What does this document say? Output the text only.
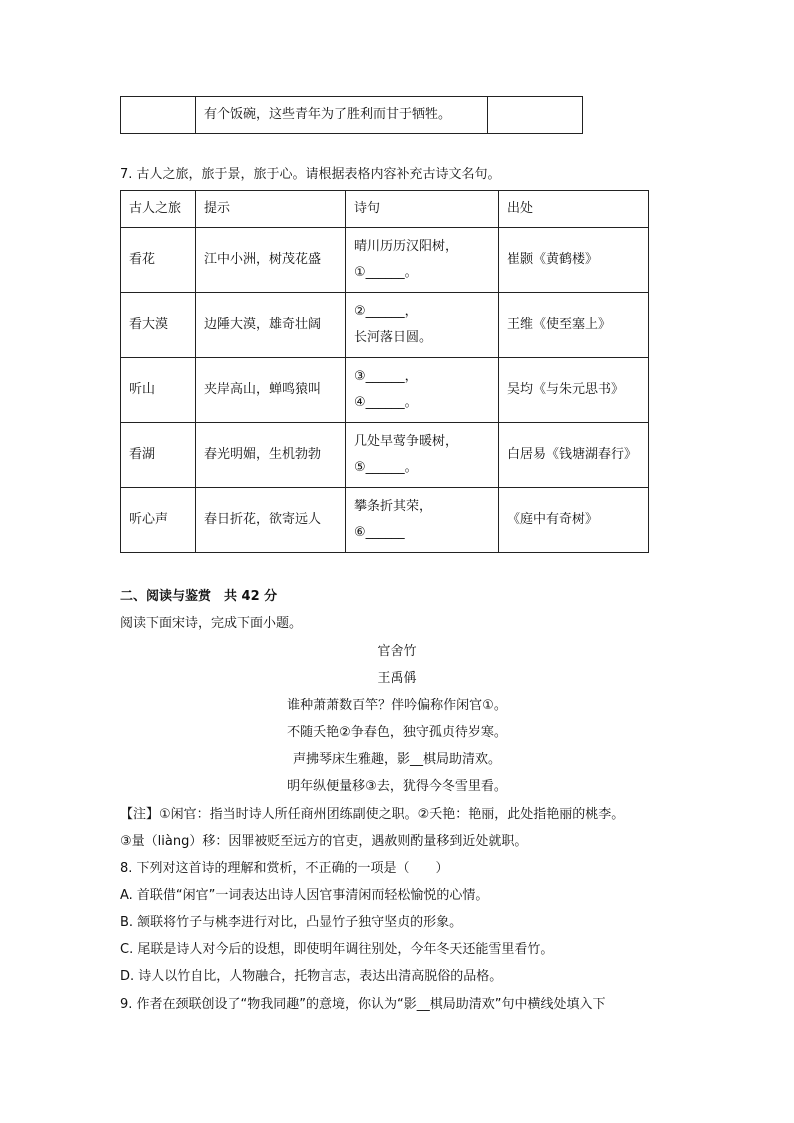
	有个饭碗，这些青年为了胜利而甘于牺牲。	
7. 古人之旅，旅于景，旅于心。请根据表格内容补充古诗文名句。
古人之旅	提示	诗句	出处
看花	江中小洲，树茂花盛	晴川历历汉阳树，
①______。	崔颢《黄鹤楼》
看大漠	边陲大漠，雄奇壮阔	②______，
长河落日圆。	王维《使至塞上》
听山	夹岸高山，蝉鸣猿叫	③______，
④______。	吴均《与朱元思书》
看湖	春光明媚，生机勃勃	几处早莺争暖树，
⑤______。	白居易《钱塘湖春行》
听心声	春日折花，欲寄远人	攀条折其荣，
⑥______	《庭中有奇树》
二、阅读与鉴赏　共 42 分
阅读下面宋诗，完成下面小题。
官舍竹
王禹偁
谁种萧萧数百竿？伴吟偏称作闲官①。
不随夭艳②争春色，独守孤贞待岁寒。
声拂琴床生雅趣，影__棋局助清欢。
明年纵便量移③去，犹得今冬雪里看。
【注】①闲官：指当时诗人所任商州团练副使之职。②夭艳：艳丽，此处指艳丽的桃李。
③量（liàng）移：因罪被贬至远方的官吏，遇赦则酌量移到近处就职。
8. 下列对这首诗的理解和赏析，不正确的一项是（　　）
A. 首联借“闲官”一词表达出诗人因官事清闲而轻松愉悦的心情。
B. 颔联将竹子与桃李进行对比，凸显竹子独守坚贞的形象。
C. 尾联是诗人对今后的设想，即使明年调往别处，今年冬天还能雪里看竹。
D. 诗人以竹自比，人物融合，托物言志，表达出清高脱俗的品格。
9. 作者在颈联创设了“物我同趣”的意境，你认为“影__棋局助清欢”句中横线处填入下
